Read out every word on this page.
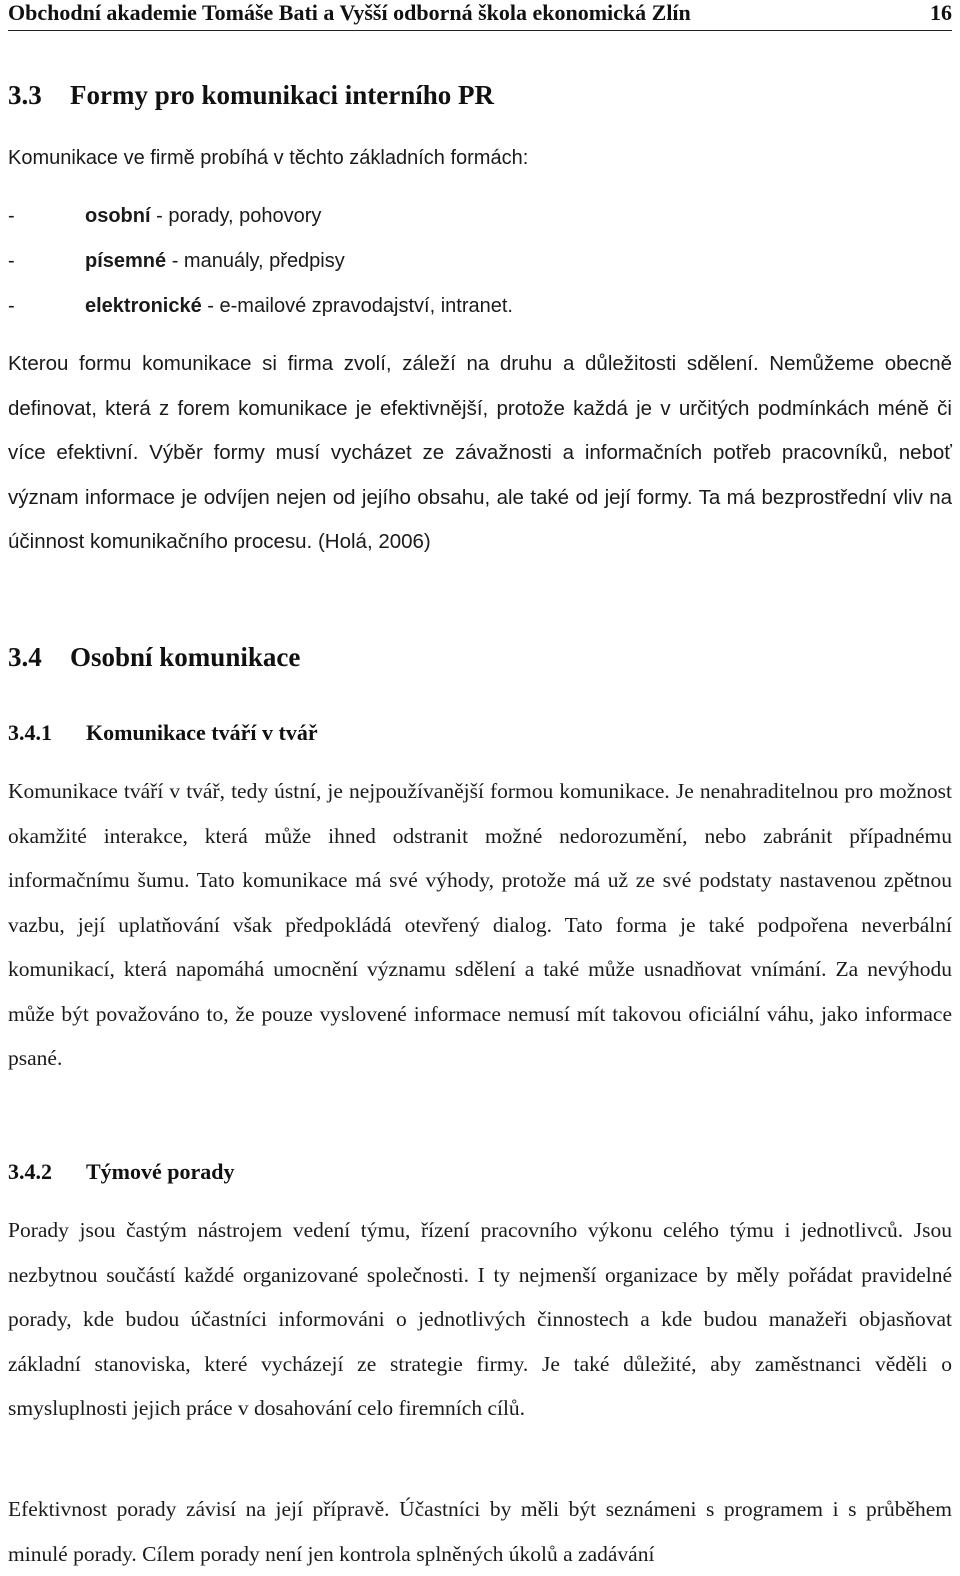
Obchodní akademie Tomáše Bati a Vyšší odborná škola ekonomická Zlín	16
3.3 Formy pro komunikaci interního PR
Komunikace ve firmě probíhá v těchto základních formách:
-	osobní - porady, pohovory
-	písemné - manuály, předpisy
-	elektronické - e-mailové zpravodajství, intranet.

Kterou formu komunikace si firma zvolí, záleží na druhu a důležitosti sdělení. Nemůžeme obecně definovat, která z forem komunikace je efektivnější, protože každá je v určitých podmínkách méně či více efektivní. Výběr formy musí vycházet ze závažnosti a informačních potřeb pracovníků, neboť význam informace je odvíjen nejen od jejího obsahu, ale také od její formy. Ta má bezprostřední vliv na účinnost komunikačního procesu. (Holá, 2006)

3.4 Osobní komunikace
3.4.1 Komunikace tváří v tvář

Komunikace tváří v tvář, tedy ústní, je nejpoužívanější formou komunikace. Je nenahraditelnou pro možnost okamžité interakce, která může ihned odstranit možné nedorozumění, nebo zabránit případnému informačnímu šumu. Tato komunikace má své výhody, protože má už ze své podstaty nastavenou zpětnou vazbu, její uplatňování však předpokládá otevřený dialog. Tato forma je také podpořena neverbální komunikací, která napomáhá umocnění významu sdělení a také může usnadňovat vnímání. Za nevýhodu může být považováno to, že pouze vyslovené informace nemusí mít takovou oficiální váhu, jako informace psané.

3.4.2 Týmové porady

Porady jsou častým nástrojem vedení týmu, řízení pracovního výkonu celého týmu i jednotlivců. Jsou nezbytnou součástí každé organizované společnosti. I ty nejmenší organizace by měly pořádat pravidelné porady, kde budou účastníci informováni o jednotlivých činnostech a kde budou manažeři objasňovat základní stanoviska, které vycházejí ze strategie firmy. Je také důležité, aby zaměstnanci věděli o smysluplnosti jejich práce v dosahování celo firemních cílů.

Efektivnost porady závisí na její přípravě. Účastníci by měli být seznámeni s programem i s průběhem minulé porady. Cílem porady není jen kontrola splněných úkolů a zadávání
